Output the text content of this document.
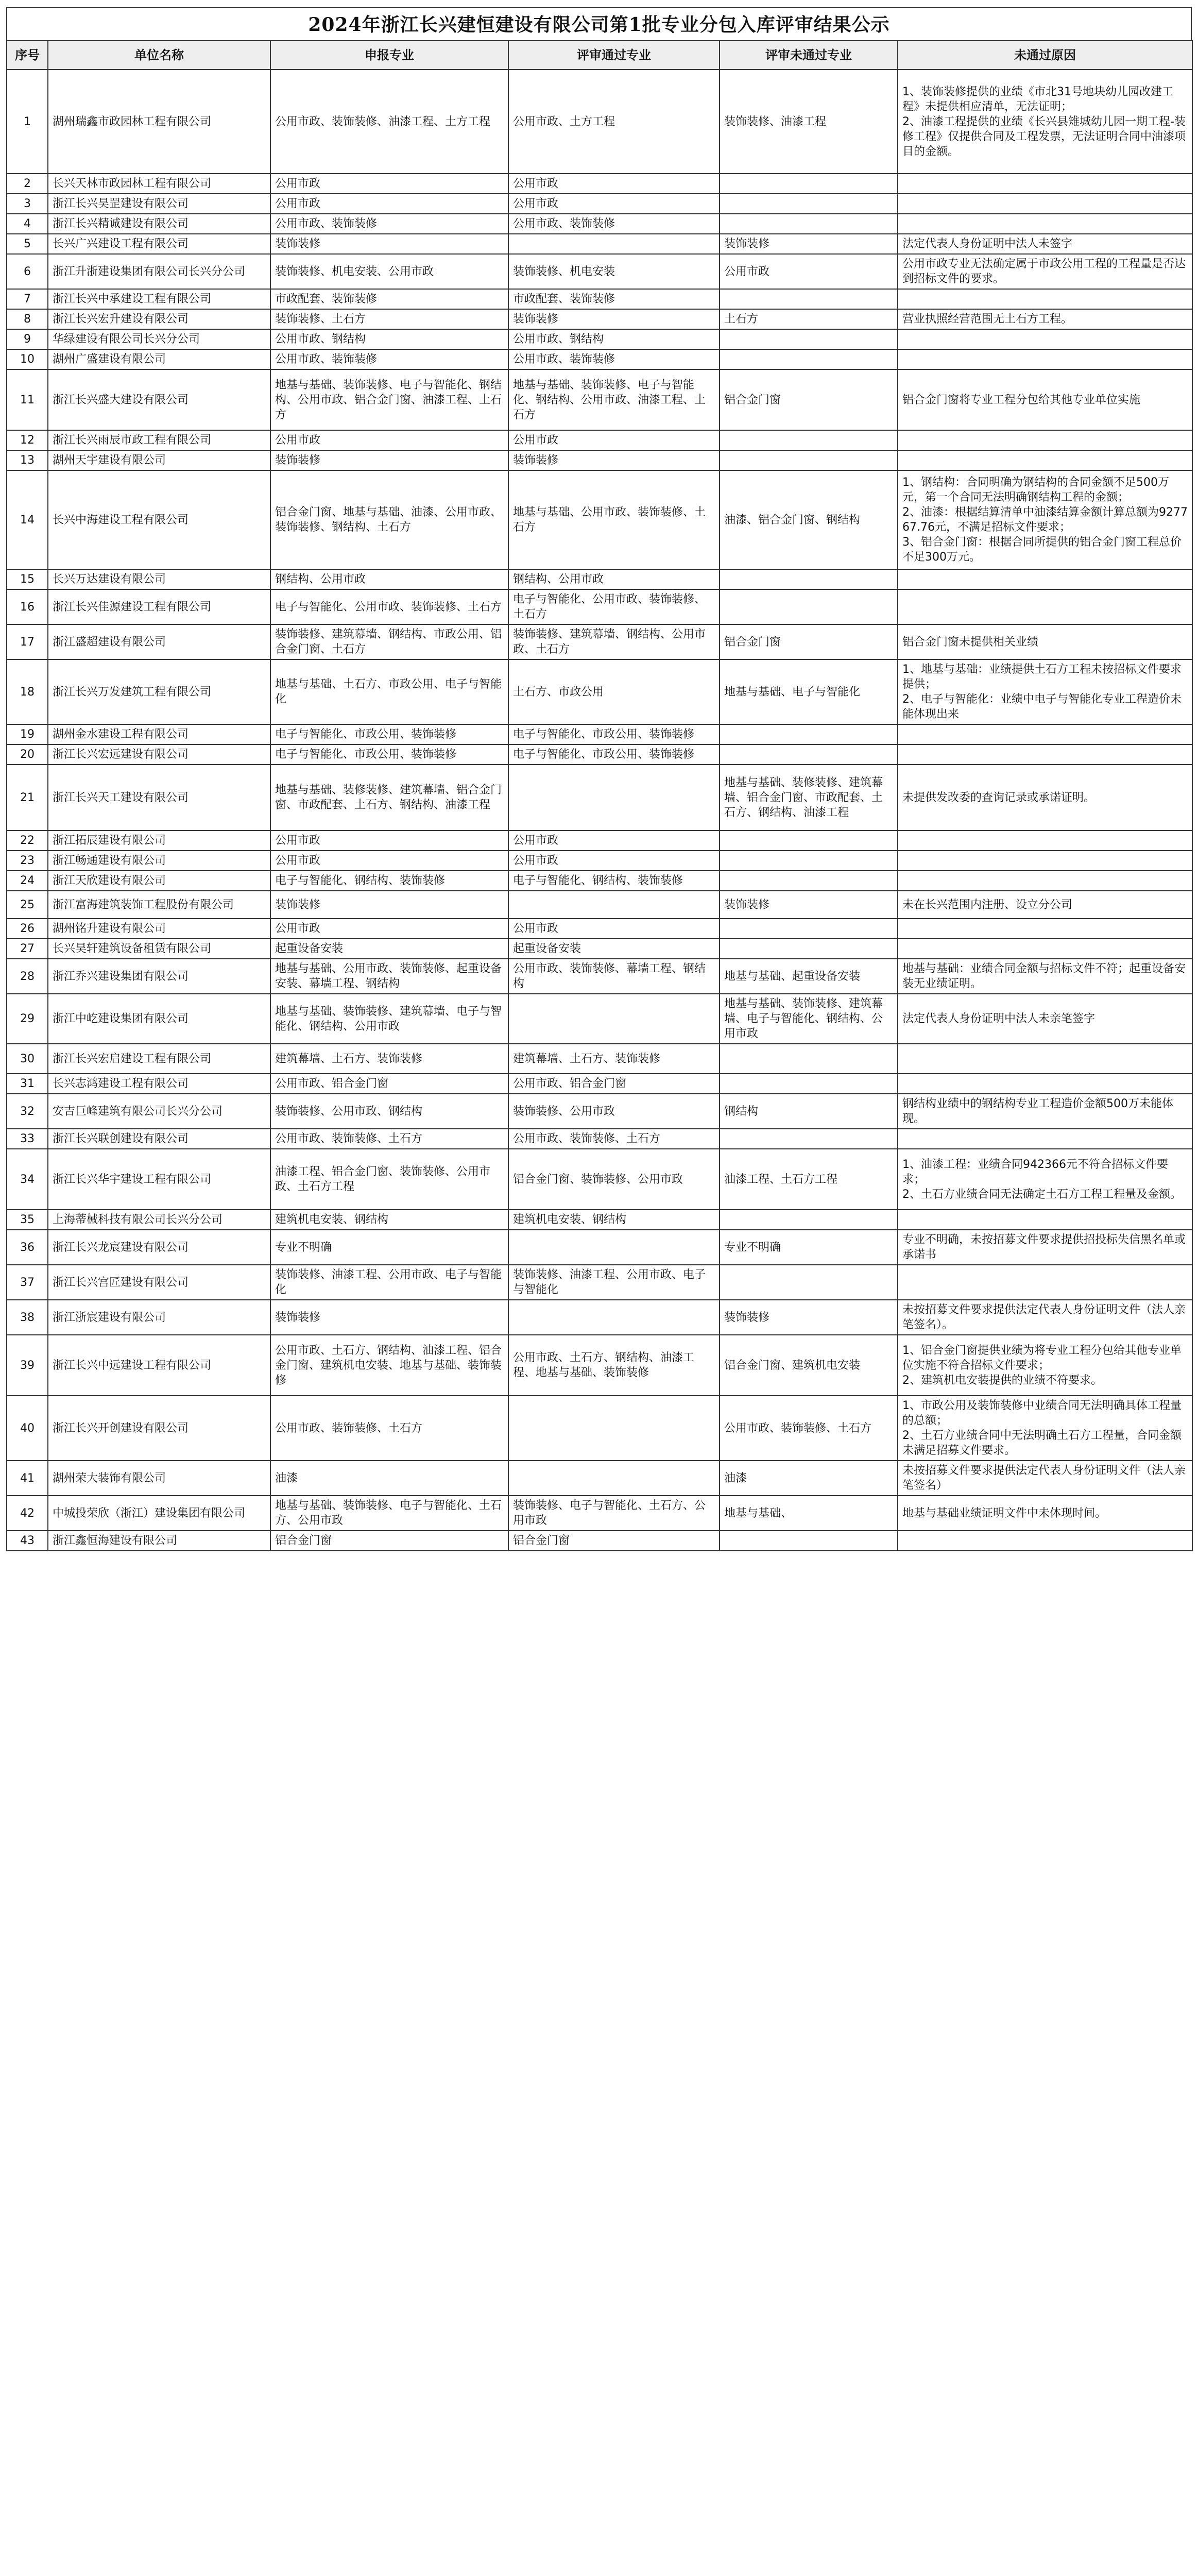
2024年浙江长兴建恒建设有限公司第1批专业分包入库评审结果公示
序号	单位名称	申报专业	评审通过专业	评审未通过专业	未通过原因
1	湖州瑞鑫市政园林工程有限公司	公用市政、装饰装修、油漆工程、土方工程	公用市政、土方工程	装饰装修、油漆工程	1、装饰装修提供的业绩《市北31号地块幼儿园改建工程》未提供相应清单，无法证明；
2、油漆工程提供的业绩《长兴县雉城幼儿园一期工程-装修工程》仅提供合同及工程发票，无法证明合同中油漆项目的金额。
2	长兴天林市政园林工程有限公司	公用市政	公用市政		
3	浙江长兴昊罡建设有限公司	公用市政	公用市政		
4	浙江长兴精诚建设有限公司	公用市政、装饰装修	公用市政、装饰装修		
5	长兴广兴建设工程有限公司	装饰装修		装饰装修	法定代表人身份证明中法人未签字
6	浙江升浙建设集团有限公司长兴分公司	装饰装修、机电安装、公用市政	装饰装修、机电安装	公用市政	公用市政专业无法确定属于市政公用工程的工程量是否达到招标文件的要求。
7	浙江长兴中承建设工程有限公司	市政配套、装饰装修	市政配套、装饰装修		
8	浙江长兴宏升建设有限公司	装饰装修、土石方	装饰装修	土石方	营业执照经营范围无土石方工程。
9	华绿建设有限公司长兴分公司	公用市政、钢结构	公用市政、钢结构		
10	湖州广盛建设有限公司	公用市政、装饰装修	公用市政、装饰装修		
11	浙江长兴盛大建设有限公司	地基与基础、装饰装修、电子与智能化、钢结构、公用市政、铝合金门窗、油漆工程、土石方	地基与基础、装饰装修、电子与智能化、钢结构、公用市政、油漆工程、土石方	铝合金门窗	铝合金门窗将专业工程分包给其他专业单位实施
12	浙江长兴雨辰市政工程有限公司	公用市政	公用市政		
13	湖州天宇建设有限公司	装饰装修	装饰装修		
14	长兴中海建设工程有限公司	铝合金门窗、地基与基础、油漆、公用市政、装饰装修、钢结构、土石方	地基与基础、公用市政、装饰装修、土石方	油漆、铝合金门窗、钢结构	1、钢结构：合同明确为钢结构的合同金额不足500万元，第一个合同无法明确钢结构工程的金额；
2、油漆：根据结算清单中油漆结算金额计算总额为927767.76元，不满足招标文件要求；
3、铝合金门窗：根据合同所提供的铝合金门窗工程总价不足300万元。
15	长兴万达建设有限公司	钢结构、公用市政	钢结构、公用市政		
16	浙江长兴佳源建设工程有限公司	电子与智能化、公用市政、装饰装修、土石方	电子与智能化、公用市政、装饰装修、土石方		
17	浙江盛超建设有限公司	装饰装修、建筑幕墙、钢结构、市政公用、铝合金门窗、土石方	装饰装修、建筑幕墙、钢结构、公用市政、土石方	铝合金门窗	铝合金门窗未提供相关业绩
18	浙江长兴万发建筑工程有限公司	地基与基础、土石方、市政公用、电子与智能化	土石方、市政公用	地基与基础、电子与智能化	1、地基与基础：业绩提供土石方工程未按招标文件要求提供；
2、电子与智能化：业绩中电子与智能化专业工程造价未能体现出来
19	湖州金水建设工程有限公司	电子与智能化、市政公用、装饰装修	电子与智能化、市政公用、装饰装修		
20	浙江长兴宏远建设有限公司	电子与智能化、市政公用、装饰装修	电子与智能化、市政公用、装饰装修		
21	浙江长兴天工建设有限公司	地基与基础、装修装修、建筑幕墙、铝合金门窗、市政配套、土石方、钢结构、油漆工程		地基与基础、装修装修、建筑幕墙、铝合金门窗、市政配套、土石方、钢结构、油漆工程	未提供发改委的查询记录或承诺证明。
22	浙江拓辰建设有限公司	公用市政	公用市政		
23	浙江畅通建设有限公司	公用市政	公用市政		
24	浙江天欣建设有限公司	电子与智能化、钢结构、装饰装修	电子与智能化、钢结构、装饰装修		
25	浙江富海建筑装饰工程股份有限公司	装饰装修		装饰装修	未在长兴范围内注册、设立分公司
26	湖州铭升建设有限公司	公用市政	公用市政		
27	长兴昊轩建筑设备租赁有限公司	起重设备安装	起重设备安装		
28	浙江乔兴建设集团有限公司	地基与基础、公用市政、装饰装修、起重设备安装、幕墙工程、钢结构	公用市政、装饰装修、幕墙工程、钢结构	地基与基础、起重设备安装	地基与基础：业绩合同金额与招标文件不符；起重设备安装无业绩证明。
29	浙江中屹建设集团有限公司	地基与基础、装饰装修、建筑幕墙、电子与智能化、钢结构、公用市政		地基与基础、装饰装修、建筑幕墙、电子与智能化、钢结构、公用市政	法定代表人身份证明中法人未亲笔签字
30	浙江长兴宏启建设工程有限公司	建筑幕墙、土石方、装饰装修	建筑幕墙、土石方、装饰装修		
31	长兴志鸿建设工程有限公司	公用市政、铝合金门窗	公用市政、铝合金门窗		
32	安吉巨峰建筑有限公司长兴分公司	装饰装修、公用市政、钢结构	装饰装修、公用市政	钢结构	钢结构业绩中的钢结构专业工程造价金额500万未能体现。
33	浙江长兴联创建设有限公司	公用市政、装饰装修、土石方	公用市政、装饰装修、土石方		
34	浙江长兴华宇建设工程有限公司	油漆工程、铝合金门窗、装饰装修、公用市政、土石方工程	铝合金门窗、装饰装修、公用市政	油漆工程、土石方工程	1、油漆工程：业绩合同942366元不符合招标文件要求；
2、土石方业绩合同无法确定土石方工程工程量及金额。
35	上海蒂械科技有限公司长兴分公司	建筑机电安装、钢结构	建筑机电安装、钢结构		
36	浙江长兴龙宸建设有限公司	专业不明确		专业不明确	专业不明确，未按招募文件要求提供招投标失信黑名单或承诺书
37	浙江长兴宫匠建设有限公司	装饰装修、油漆工程、公用市政、电子与智能化	装饰装修、油漆工程、公用市政、电子与智能化		
38	浙江浙宸建设有限公司	装饰装修		装饰装修	未按招募文件要求提供法定代表人身份证明文件（法人亲笔签名）。
39	浙江长兴中远建设工程有限公司	公用市政、土石方、钢结构、油漆工程、铝合金门窗、建筑机电安装、地基与基础、装饰装修	公用市政、土石方、钢结构、油漆工程、地基与基础、装饰装修	铝合金门窗、建筑机电安装	1、铝合金门窗提供业绩为将专业工程分包给其他专业单位实施不符合招标文件要求；
2、建筑机电安装提供的业绩不符要求。
40	浙江长兴开创建设有限公司	公用市政、装饰装修、土石方		公用市政、装饰装修、土石方	1、市政公用及装饰装修中业绩合同无法明确具体工程量的总额；
2、土石方业绩合同中无法明确土石方工程量，合同金额未满足招募文件要求。
41	湖州荣大装饰有限公司	油漆		油漆	未按招募文件要求提供法定代表人身份证明文件（法人亲笔签名）
42	中城投荣欣（浙江）建设集团有限公司	地基与基础、装饰装修、电子与智能化、土石方、公用市政	装饰装修、电子与智能化、土石方、公用市政	地基与基础、	地基与基础业绩证明文件中未体现时间。
43	浙江鑫恒海建设有限公司	铝合金门窗	铝合金门窗		
